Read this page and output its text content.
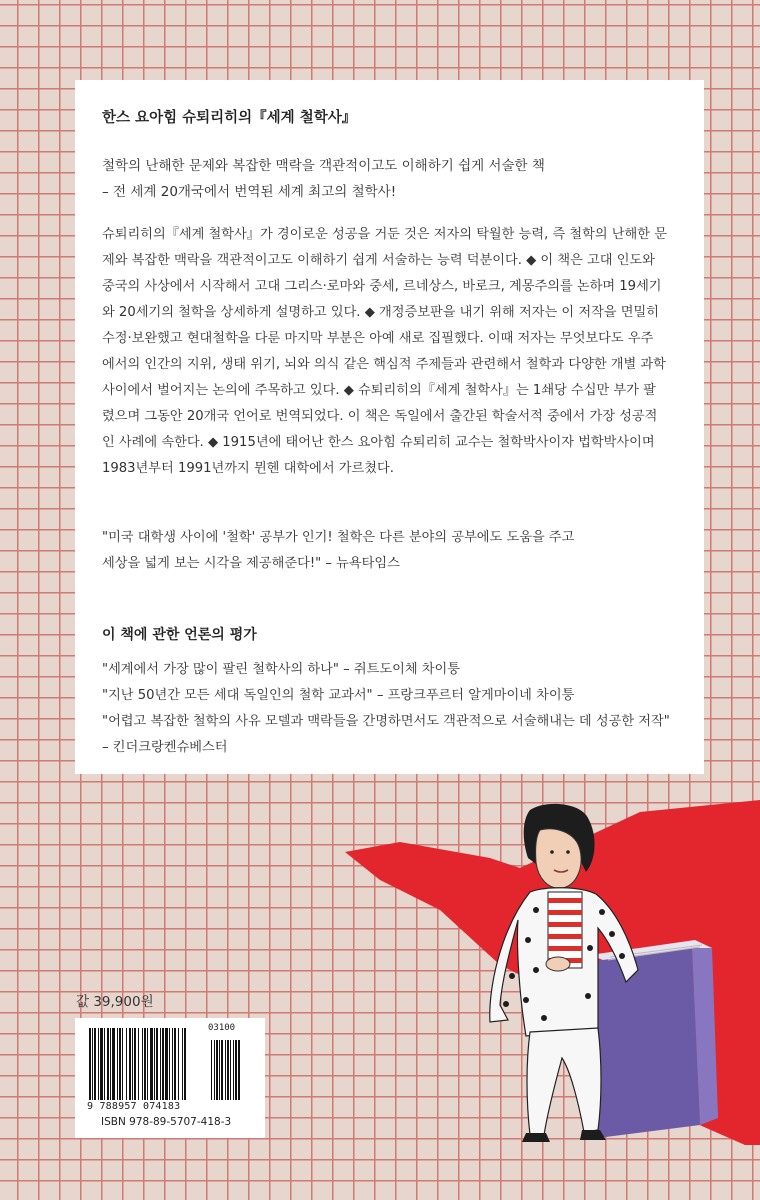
한스 요아힘 슈퇴리히의『세계 철학사』

철학의 난해한 문제와 복잡한 맥락을 객관적이고도 이해하기 쉽게 서술한 책

– 전 세계 20개국에서 번역된 세계 최고의 철학사!

슈퇴리히의『세계 철학사』가 경이로운 성공을 거둔 것은 저자의 탁월한 능력, 즉 철학의 난해한 문
제와 복잡한 맥락을 객관적이고도 이해하기 쉽게 서술하는 능력 덕분이다. ◆ 이 책은 고대 인도와
중국의 사상에서 시작해서 고대 그리스·로마와 중세, 르네상스, 바로크, 계몽주의를 논하며 19세기
와 20세기의 철학을 상세하게 설명하고 있다. ◆ 개정증보판을 내기 위해 저자는 이 저작을 면밀히
수정·보완했고 현대철학을 다룬 마지막 부분은 아예 새로 집필했다. 이때 저자는 무엇보다도 우주
에서의 인간의 지위, 생태 위기, 뇌와 의식 같은 핵심적 주제들과 관련해서 철학과 다양한 개별 과학
사이에서 벌어지는 논의에 주목하고 있다. ◆ 슈퇴리히의『세계 철학사』는 1쇄당 수십만 부가 팔
렸으며 그동안 20개국 언어로 번역되었다. 이 책은 독일에서 출간된 학술서적 중에서 가장 성공적
인 사례에 속한다. ◆ 1915년에 태어난 한스 요아힘 슈퇴리히 교수는 철학박사이자 법학박사이며
1983년부터 1991년까지 뮌헨 대학에서 가르쳤다.

"미국 대학생 사이에 '철학' 공부가 인기! 철학은 다른 분야의 공부에도 도움을 주고

세상을 넓게 보는 시각을 제공해준다!" – 뉴욕타임스

이 책에 관한 언론의 평가

"세계에서 가장 많이 팔린 철학사의 하나" – 쥐트도이체 차이퉁

"지난 50년간 모든 세대 독일인의 철학 교과서" – 프랑크푸르터 알게마이네 차이퉁

"어렵고 복잡한 철학의 사유 모델과 맥락들을 간명하면서도 객관적으로 서술해내는 데 성공한 저작"

– 킨더크랑켄슈베스터

값 39,900원
03100
9 788957 074183
ISBN 978-89-5707-418-3
